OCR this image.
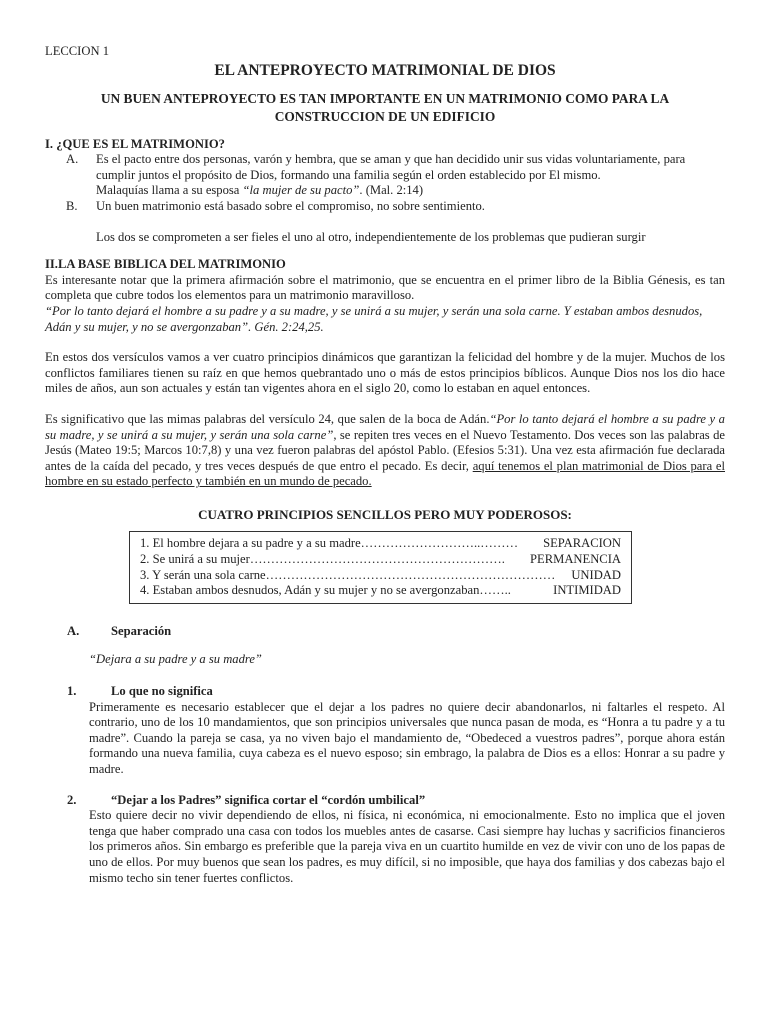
LECCION 1
EL ANTEPROYECTO MATRIMONIAL DE DIOS
UN BUEN ANTEPROYECTO ES TAN IMPORTANTE EN UN MATRIMONIO COMO PARA LA CONSTRUCCION DE UN EDIFICIO
I. ¿QUE ES EL MATRIMONIO?
A.	Es el pacto entre dos personas, varón y hembra, que se aman y que han decidido unir sus vidas voluntariamente, para cumplir juntos el propósito de Dios, formando una familia según el orden establecido por El mismo.

Malaquías llama a su esposa “la mujer de su pacto”. (Mal. 2:14)

B.	Un buen matrimonio está basado sobre el compromiso, no sobre sentimiento.

Los dos se comprometen a ser fieles el uno al otro, independientemente de los problemas que pudieran surgir

II.LA BASE BIBLICA DEL MATRIMONIO

Es interesante notar que la primera afirmación sobre el matrimonio, que se encuentra en el primer libro de la Biblia Génesis, es tan completa que cubre todos los elementos para un matrimonio maravilloso.

“Por lo tanto dejará el hombre a su padre y a su madre, y se unirá a su mujer, y serán una sola carne. Y estaban ambos desnudos, Adán y su mujer, y no se avergonzaban”. Gén. 2:24,25.

En estos dos versículos vamos a ver cuatro principios dinámicos que garantizan la felicidad del hombre y de la mujer. Muchos de los conflictos familiares tienen su raíz en que hemos quebrantado uno o más de estos principios bíblicos. Aunque Dios nos los dio hace miles de años, aun son actuales y están tan vigentes ahora en el siglo 20, como lo estaban en aquel entonces.

Es significativo que las mimas palabras del versículo 24, que salen de la boca de Adán.“Por lo tanto dejará el hombre a su padre y a su madre, y se unirá a su mujer, y serán una sola carne”, se repiten tres veces en el Nuevo Testamento. Dos veces son las palabras de Jesús (Mateo 19:5; Marcos 10:7,8) y una vez fueron palabras del apóstol Pablo. (Efesios 5:31). Una vez esta afirmación fue declarada antes de la caída del pecado, y tres veces después de que entro el pecado. Es decir, aquí tenemos el plan matrimonial de Dios para el hombre en su estado perfecto y también en un mundo de pecado.

CUATRO PRINCIPIOS SENCILLOS PERO MUY PODEROSOS:
1. El hombre dejara a su padre y a su madre………………………..……… SEPARACION
2. Se unirá a su mujer……………………………………………………. PERMANENCIA
3. Y serán una sola carne…………………………………………………………… UNIDAD
4. Estaban ambos desnudos, Adán y su mujer y no se avergonzaban……..	INTIMIDAD
A.	Separación

“Dejara a su padre y a su madre”

1.	Lo que no significa

Primeramente es necesario establecer que el dejar a los padres no quiere decir abandonarlos, ni faltarles el respeto. Al contrario, uno de los 10 mandamientos, que son principios universales que nunca pasan de moda, es “Honra a tu padre y a tu madre”. Cuando la pareja se casa, ya no viven bajo el mandamiento de, “Obedeced a vuestros padres”, porque ahora están formando una nueva familia, cuya cabeza es el nuevo esposo; sin embrago, la palabra de Dios es a ellos: Honrar a su padre y madre.

2.	“Dejar a los Padres” significa cortar el “cordón umbilical”

Esto quiere decir no vivir dependiendo de ellos, ni física, ni económica, ni emocionalmente. Esto no implica que el joven tenga que haber comprado una casa con todos los muebles antes de casarse. Casi siempre hay luchas y sacrificios financieros los primeros años. Sin embargo es preferible que la pareja viva en un cuartito humilde en vez de vivir con uno de los papas de uno de ellos. Por muy buenos que sean los padres, es muy difícil, si no imposible, que haya dos familias y dos cabezas bajo el mismo techo sin tener fuertes conflictos.
